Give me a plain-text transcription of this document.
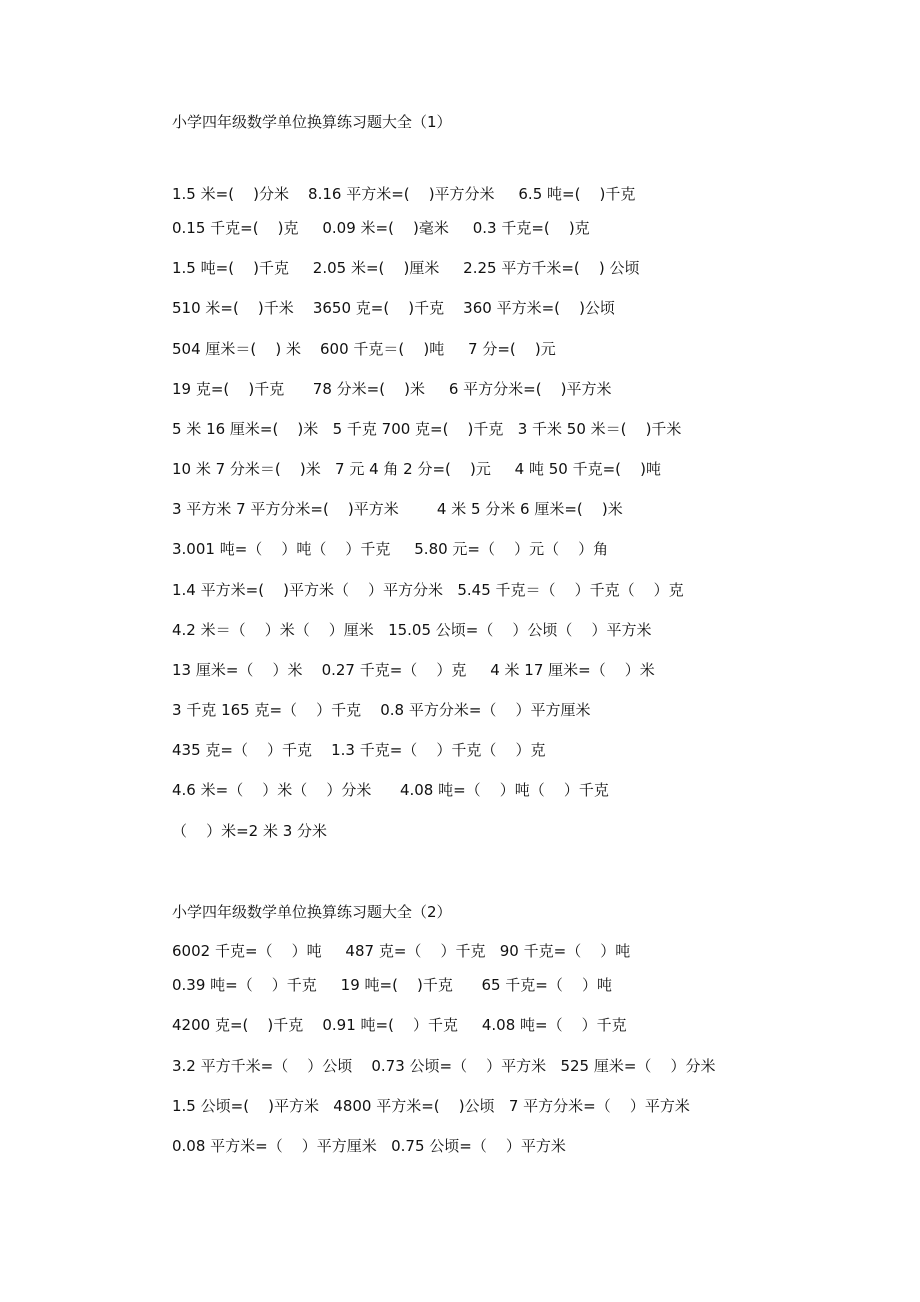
小学四年级数学单位换算练习题大全（1）
1.5 米=(    )分米    8.16 平方米=(    )平方分米     6.5 吨=(    )千克
0.15 千克=(    )克     0.09 米=(    )毫米     0.3 千克=(    )克
1.5 吨=(    )千克     2.05 米=(    )厘米     2.25 平方千米=(    ) 公顷
510 米=(    )千米    3650 克=(    )千克    360 平方米=(    )公顷
504 厘米＝(    ) 米    600 千克＝(    )吨     7 分=(    )元
19 克=(    )千克      78 分米=(    )米     6 平方分米=(    )平方米
5 米 16 厘米=(    )米   5 千克 700 克=(    )千克   3 千米 50 米＝(    )千米
10 米 7 分米＝(    )米   7 元 4 角 2 分=(    )元     4 吨 50 千克=(    )吨
3 平方米 7 平方分米=(    )平方米        4 米 5 分米 6 厘米=(    )米
3.001 吨=（    ）吨（    ）千克     5.80 元=（    ）元（    ）角
1.4 平方米=(    )平方米（    ）平方分米   5.45 千克＝（    ）千克（    ）克
4.2 米＝（    ）米（    ）厘米   15.05 公顷=（    ）公顷（    ）平方米
13 厘米=（    ）米    0.27 千克=（    ）克     4 米 17 厘米=（    ）米
3 千克 165 克=（    ）千克    0.8 平方分米=（    ）平方厘米
435 克=（    ）千克    1.3 千克=（    ）千克（    ）克
4.6 米=（    ）米（    ）分米      4.08 吨=（    ）吨（    ）千克
（    ）米=2 米 3 分米
小学四年级数学单位换算练习题大全（2）
6002 千克=（    ）吨     487 克=（    ）千克   90 千克=（    ）吨
0.39 吨=（    ）千克     19 吨=(    )千克      65 千克=（    ）吨
4200 克=(    )千克    0.91 吨=(    ）千克     4.08 吨=（    ）千克
3.2 平方千米=（    ）公顷    0.73 公顷=（    ）平方米   525 厘米=（    ）分米
1.5 公顷=(    )平方米   4800 平方米=(    )公顷   7 平方分米=（    ）平方米
0.08 平方米=（    ）平方厘米   0.75 公顷=（    ）平方米
